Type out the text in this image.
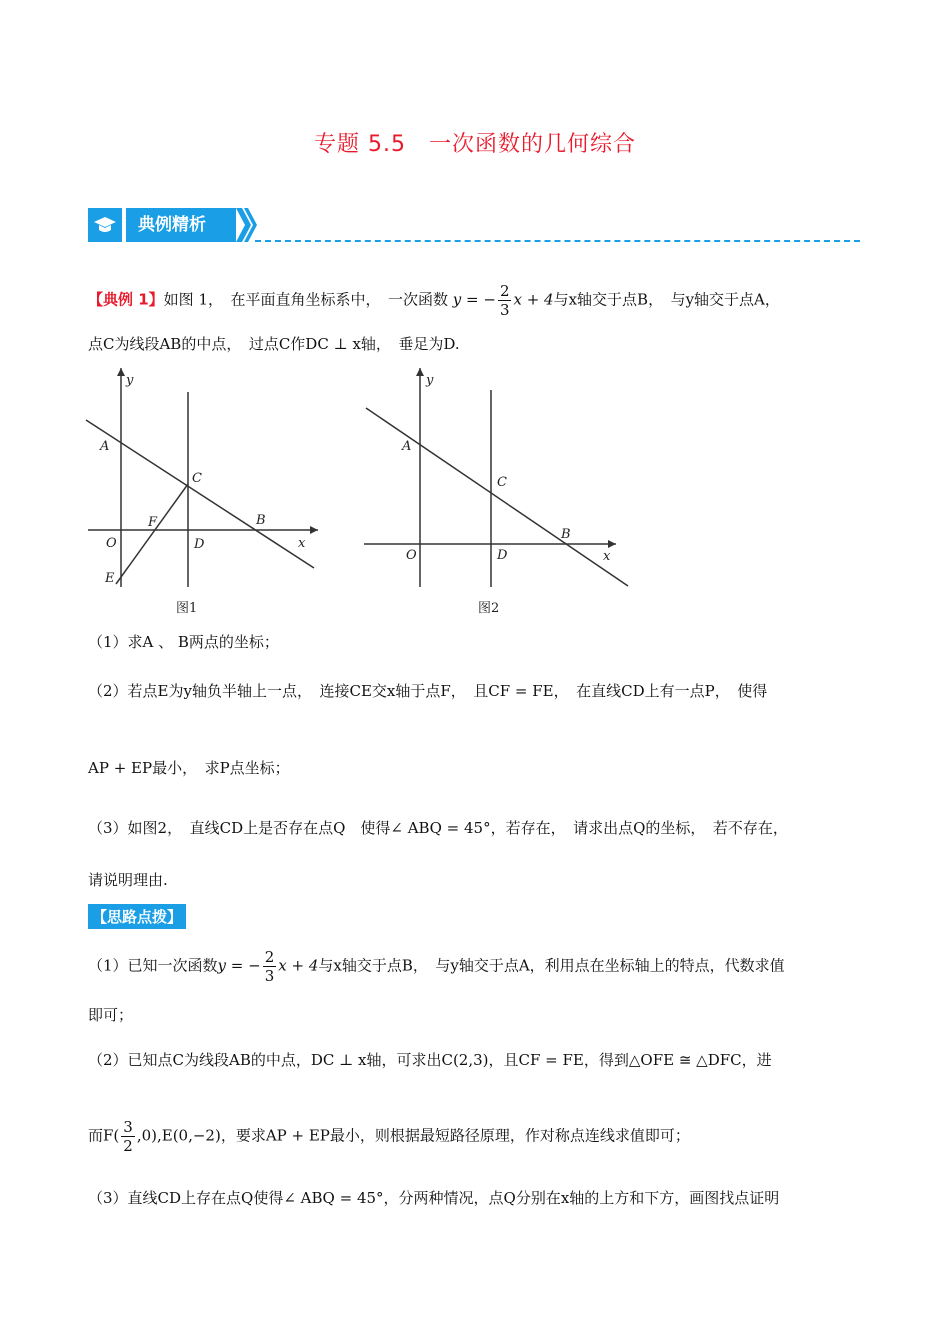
专题 5.5　一次函数的几何综合
典例精析
【典例 1】如图 1，　在平面直角坐标系中，　一次函数 y = − $\frac{2}{3}$ x + 4与x轴交于点B，　与y轴交于点A，
点C为线段AB的中点，　过点C作DC ⊥ x轴，　垂足为D.
y
x
O
A
B
C
D
E
F
图1
y
x
O
A
B
C
D
图2
（1）求A 、 B两点的坐标；
（2）若点E为y轴负半轴上一点，　连接CE交x轴于点F，　且CF = FE，　在直线CD上有一点P，　使得
AP + EP最小，　求P点坐标；
（3）如图2，　直线CD上是否存在点Q　使得∠ ABQ = 45°，若存在，　请求出点Q的坐标，　若不存在，
请说明理由.
【思路点拨】
（1）已知一次函数y = − $\frac{2}{3}$ x + 4与x轴交于点B，　与y轴交于点A，利用点在坐标轴上的特点，代数求值
即可；
（2）已知点C为线段AB的中点，DC ⊥ x轴，可求出C(2,3)，且CF = FE，得到△OFE ≅ △DFC，进
而$F( \frac{3}{2} ,0),E(0,-2)$，要求AP + EP最小，则根据最短路径原理，作对称点连线求值即可；
（3）直线CD上存在点Q使得∠ ABQ = 45°，分两种情况，点Q分别在x轴的上方和下方，画图找点证明
